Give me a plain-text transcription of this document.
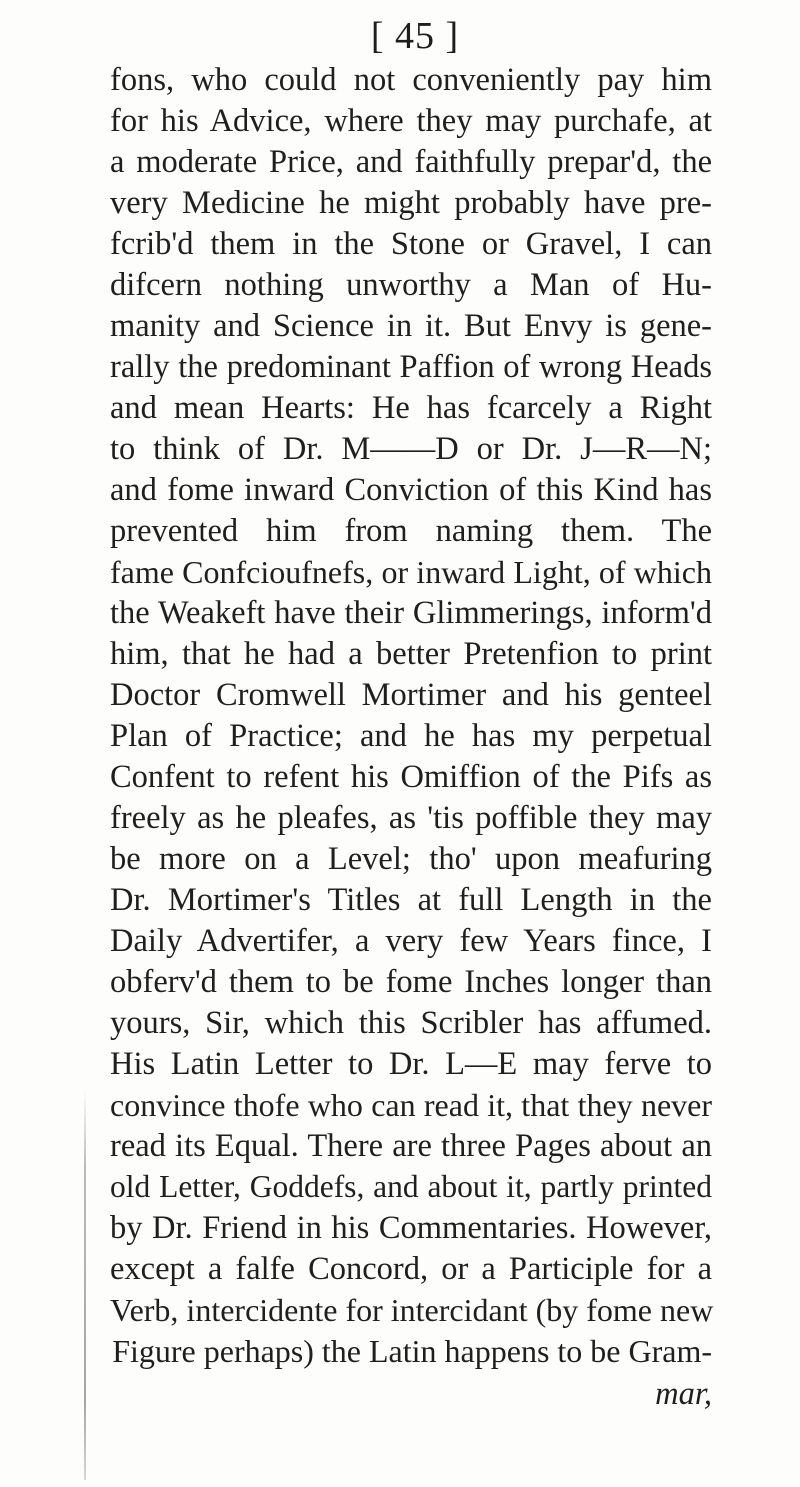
[ 45 ]
fons, who could not conveniently pay him
for his Advice, where they may purchafe, at
a moderate Price, and faithfully prepar'd, the
very Medicine he might probably have pre-
fcrib'd them in the Stone or Gravel, I can
difcern nothing unworthy a Man of Hu-
manity and Science in it. But Envy is gene-
rally the predominant Paffion of wrong Heads
and mean Hearts: He has fcarcely a Right
to think of Dr. M——D or Dr. J—R—N;
and fome inward Conviction of this Kind has
prevented him from naming them. The
fame Confcioufnefs, or inward Light, of which
the Weakeft have their Glimmerings, inform'd
him, that he had a better Pretenfion to print
Doctor Cromwell Mortimer and his genteel
Plan of Practice; and he has my perpetual
Confent to refent his Omiffion of the Pifs as
freely as he pleafes, as 'tis poffible they may
be more on a Level; tho' upon meafuring
Dr. Mortimer's Titles at full Length in the
Daily Advertifer, a very few Years fince, I
obferv'd them to be fome Inches longer than
yours, Sir, which this Scribler has affumed.
His Latin Letter to Dr. L—E may ferve to
convince thofe who can read it, that they never
read its Equal. There are three Pages about an
old Letter, Goddefs, and about it, partly printed
by Dr. Friend in his Commentaries. However,
except a falfe Concord, or a Participle for a
Verb, intercidente for intercidant (by fome new
Figure perhaps) the Latin happens to be Gram-
mar,
